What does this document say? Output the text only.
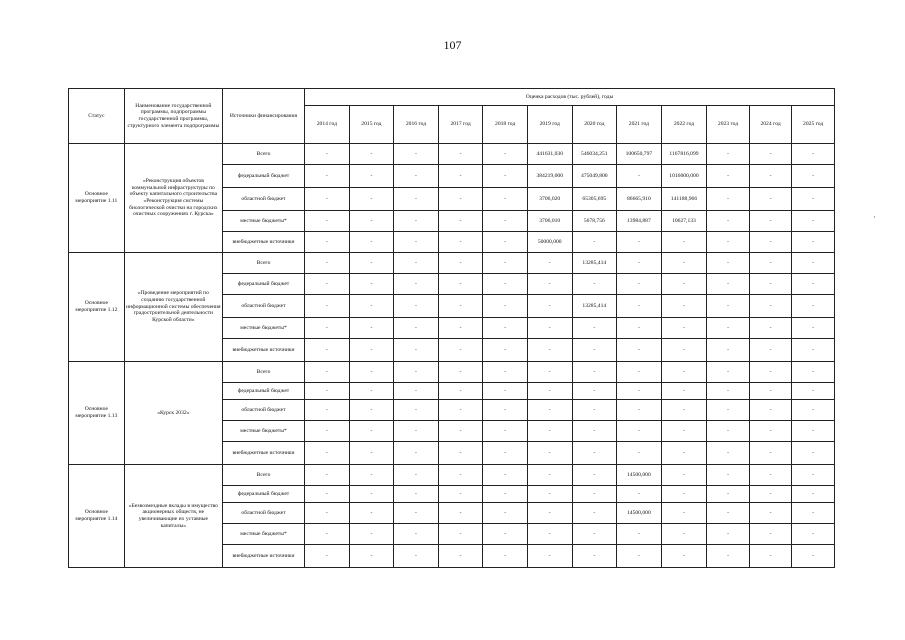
107
Статус	Наименование государственной программы, подпрограммы государственной программы, структурного элемента подпрограммы	Источники финансирования	Оценка расходов (тыс. рублей), годы											
			2014 год	2015 год	2016 год	2017 год	2018 год	2019 год	2020 год	2021 год	2022 год	2023 год	2024 год	2025 год
Основное мероприятие 1.11	«Реконструкция объектов коммунальной инфраструктуры по объекту капитального строительства «Реконструкция системы биологической очистки на городских очистных сооружениях г. Курска»	Всего	-	-	-	-	-	441631,030	546034,251	100650,797	1167816,099	-	-	-
		федеральный бюджет	-	-	-	-	-	384219,000	475049,800	-	1016000,000	-	-	-
		областной бюджет	-	-	-	-	-	3706,020	65305,695	86665,910	141188,966	-	-	-
		местные бюджеты*	-	-	-	-	-	3706,010	5678,756	13984,887	10627,133	-	-	-
		внебюджетные источники	-	-	-	-	-	50000,000	-	-	-	-	-	-
Основное мероприятие 1.12	«Проведение мероприятий по созданию государственной информационной системы обеспечения градостроительной деятельности Курской области»	Всего	-	-	-	-	-	-	13285,414	-	-	-	-	-
		федеральный бюджет	-	-	-	-	-	-	-	-	-	-	-	-
		областной бюджет	-	-	-	-	-	-	13285,414	-	-	-	-	-
		местные бюджеты*	-	-	-	-	-	-	-	-	-	-	-	-
		внебюджетные источники	-	-	-	-	-	-	-	-	-	-	-	-
Основное мероприятие 1.13	«Курск 2032»	Всего	-	-	-	-	-	-	-	-	-	-	-	-
		федеральный бюджет	-	-	-	-	-	-	-	-	-	-	-	-
		областной бюджет	-	-	-	-	-	-	-	-	-	-	-	-
		местные бюджеты*	-	-	-	-	-	-	-	-	-	-	-	-
		внебюджетные источники	-	-	-	-	-	-	-	-	-	-	-	-
Основное мероприятие 1.14	«Безвозмездные вклады в имущество акционерных обществ, не увеличивающие их уставные капиталы»	Всего	-	-	-	-	-	-	-	14500,000	-	-	-	-
		федеральный бюджет	-	-	-	-	-	-	-	-	-	-	-	-
		областной бюджет	-	-	-	-	-	-	-	14500,000	-	-	-	-
		местные бюджеты*	-	-	-	-	-	-	-	-	-	-	-	-
		внебюджетные источники	-	-	-	-	-	-	-	-	-	-	-	-
·
